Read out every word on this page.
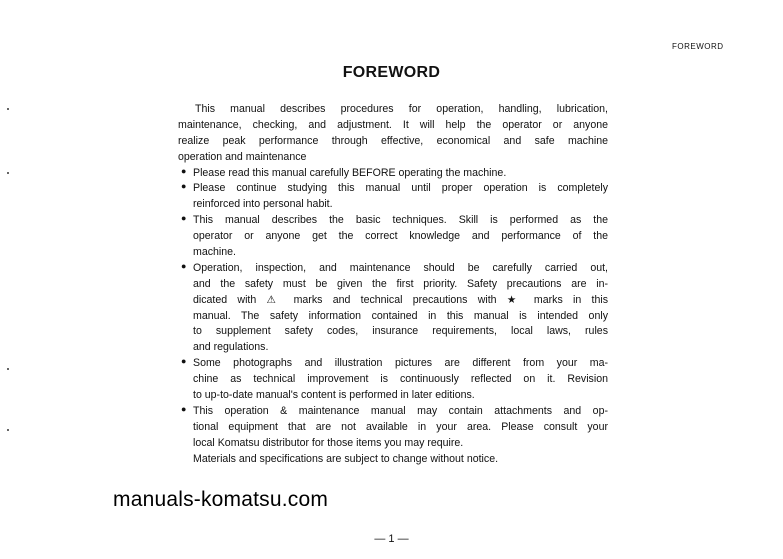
FOREWORD
FOREWORD
This manual describes procedures for operation, handling, lubrication,
maintenance, checking, and adjustment. It will help the operator or anyone
realize peak performance through effective, economical and safe machine
operation and maintenance
● Please read this manual carefully BEFORE operating the machine.
● Please continue studying this manual until proper operation is completely
reinforced into personal habit.
● This manual describes the basic techniques. Skill is performed as the
operator or anyone get the correct knowledge and performance of the
machine.
● Operation, inspection, and maintenance should be carefully carried out,
and the safety must be given the first priority. Safety precautions are in-
dicated with ⚠ marks and technical precautions with ★ marks in this
manual. The safety information contained in this manual is intended only
to supplement safety codes, insurance requirements, local laws, rules
and regulations.
● Some photographs and illustration pictures are different from your ma-
chine as technical improvement is continuously reflected on it. Revision
to up-to-date manual's content is performed in later editions.
● This operation & maintenance manual may contain attachments and op-
tional equipment that are not available in your area. Please consult your
local Komatsu distributor for those items you may require.
Materials and specifications are subject to change without notice.
manuals-komatsu.com
— 1 —
